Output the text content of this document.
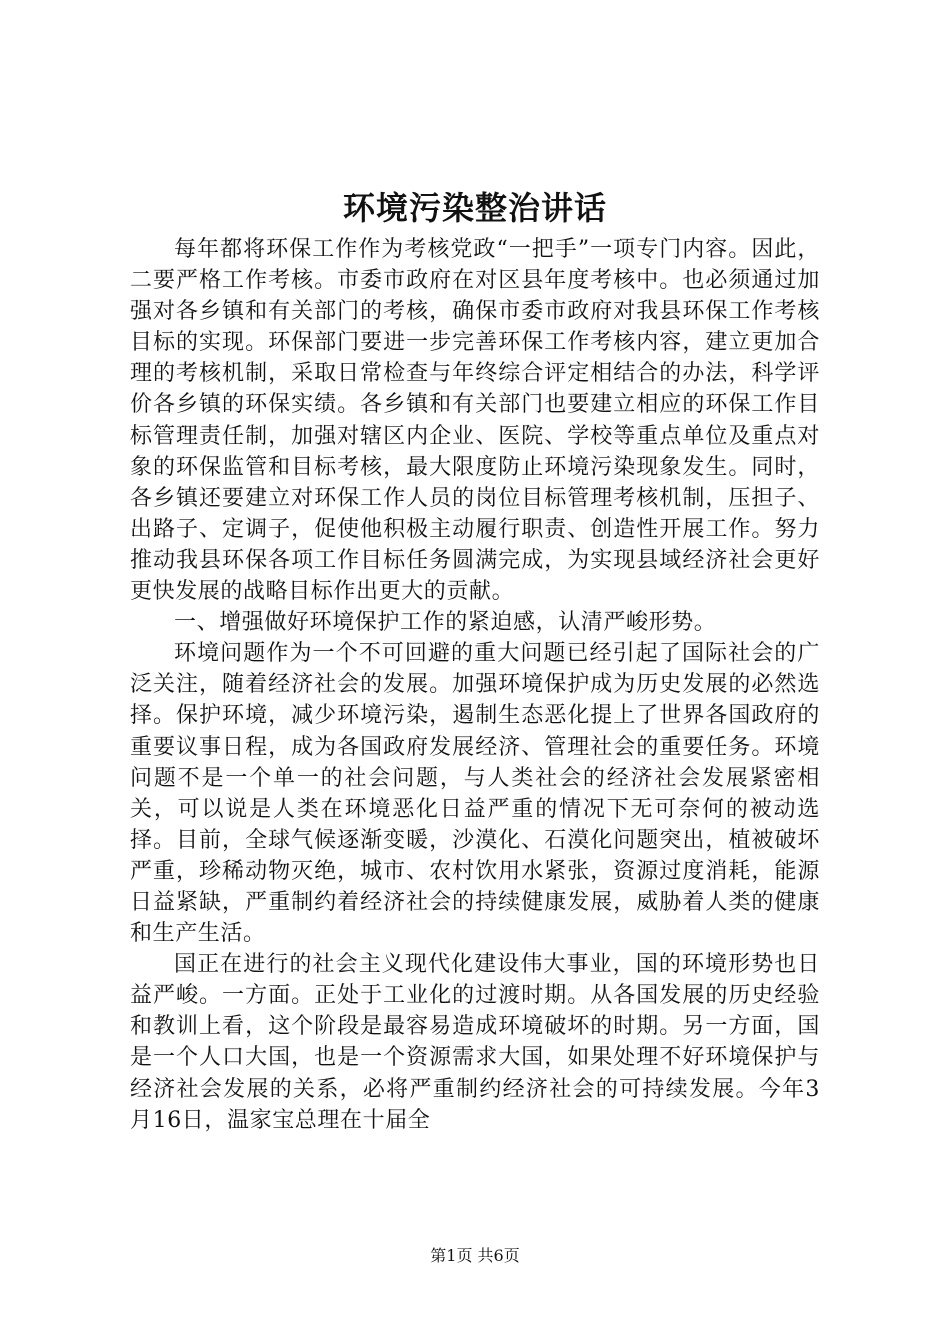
环境污染整治讲话

每年都将环保工作作为考核党政“一把手”一项专门内容。因此，二要严格工作考核。市委市政府在对区县年度考核中。也必须通过加强对各乡镇和有关部门的考核，确保市委市政府对我县环保工作考核目标的实现。环保部门要进一步完善环保工作考核内容，建立更加合理的考核机制，采取日常检查与年终综合评定相结合的办法，科学评价各乡镇的环保实绩。各乡镇和有关部门也要建立相应的环保工作目标管理责任制，加强对辖区内企业、医院、学校等重点单位及重点对象的环保监管和目标考核，最大限度防止环境污染现象发生。同时，各乡镇还要建立对环保工作人员的岗位目标管理考核机制，压担子、出路子、定调子，促使他积极主动履行职责、创造性开展工作。努力推动我县环保各项工作目标任务圆满完成，为实现县域经济社会更好更快发展的战略目标作出更大的贡献。

一、增强做好环境保护工作的紧迫感，认清严峻形势。

环境问题作为一个不可回避的重大问题已经引起了国际社会的广泛关注，随着经济社会的发展。加强环境保护成为历史发展的必然选择。保护环境，减少环境污染，遏制生态恶化提上了世界各国政府的重要议事日程，成为各国政府发展经济、管理社会的重要任务。环境问题不是一个单一的社会问题，与人类社会的经济社会发展紧密相关，可以说是人类在环境恶化日益严重的情况下无可奈何的被动选择。目前，全球气候逐渐变暖，沙漠化、石漠化问题突出，植被破坏严重，珍稀动物灭绝，城市、农村饮用水紧张，资源过度消耗，能源日益紧缺，严重制约着经济社会的持续健康发展，威胁着人类的健康和生产生活。

国正在进行的社会主义现代化建设伟大事业，国的环境形势也日益严峻。一方面。正处于工业化的过渡时期。从各国发展的历史经验和教训上看，这个阶段是最容易造成环境破坏的时期。另一方面，国是一个人口大国，也是一个资源需求大国，如果处理不好环境保护与经济社会发展的关系，必将严重制约经济社会的可持续发展。今年3月16日，温家宝总理在十届全

第1页 共6页
